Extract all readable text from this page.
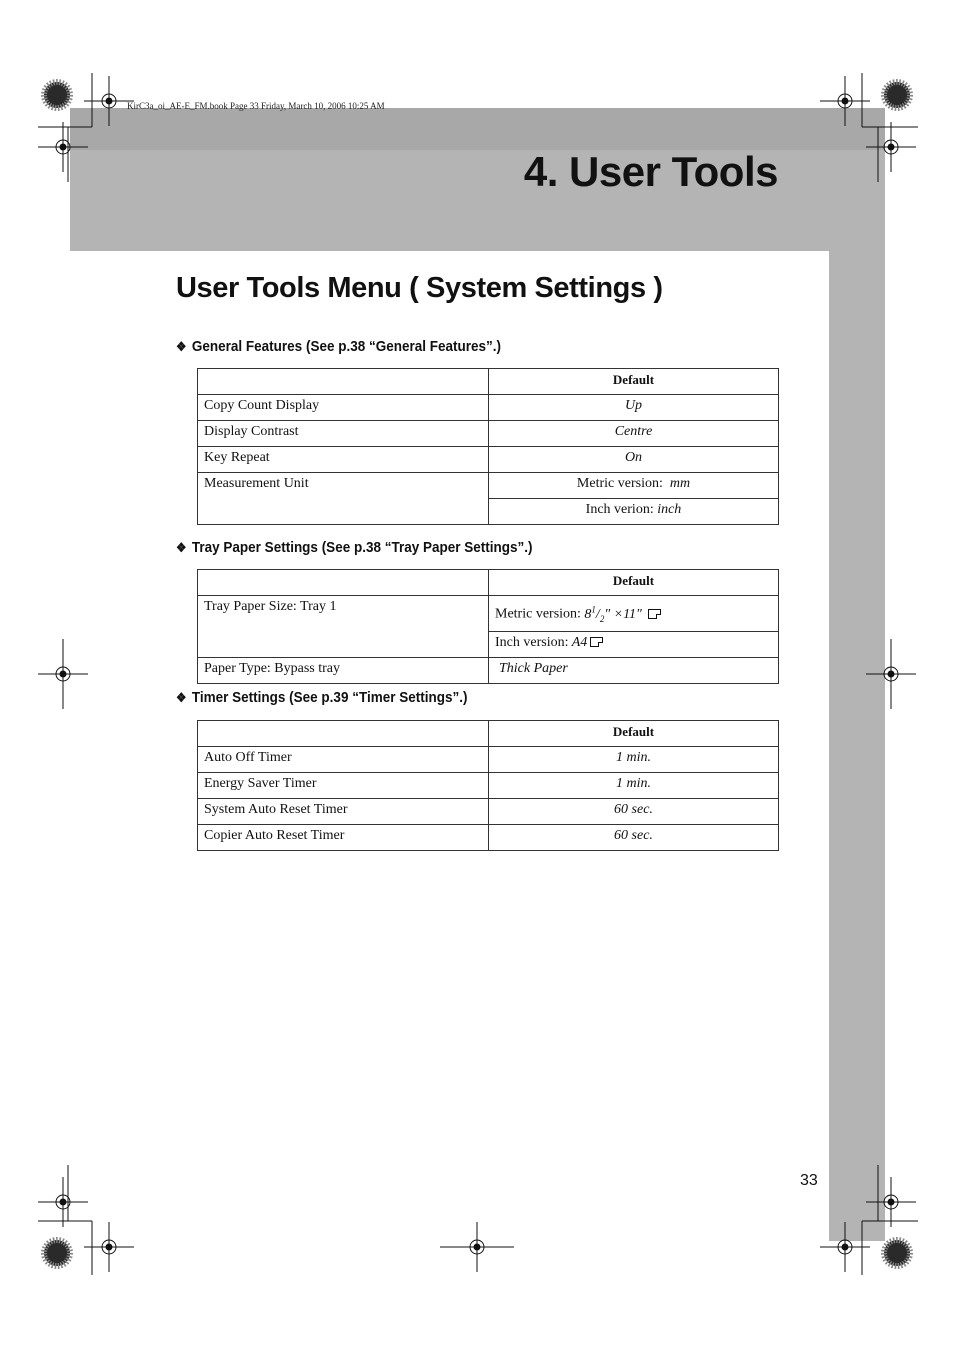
KirC3a_oi_AE-E_FM.book Page 33 Friday, March 10, 2006 10:25 AM
4. User Tools
User Tools Menu ( System Settings )
❖ General Features (See p.38 “General Features”.)
	Default
Copy Count Display	Up
Display Contrast	Centre
Key Repeat	On
Measurement Unit	Metric version: mm
	Inch verion: inch
❖ Tray Paper Settings (See p.38 “Tray Paper Settings”.)
	Default
Tray Paper Size: Tray 1	Metric version: $8^1/_2'' \times 11''$
	Inch version: A4
Paper Type: Bypass tray	Thick Paper
❖ Timer Settings (See p.39 “Timer Settings”.)
	Default
Auto Off Timer	1 min.
Energy Saver Timer	1 min.
System Auto Reset Timer	60 sec.
Copier Auto Reset Timer	60 sec.
33
